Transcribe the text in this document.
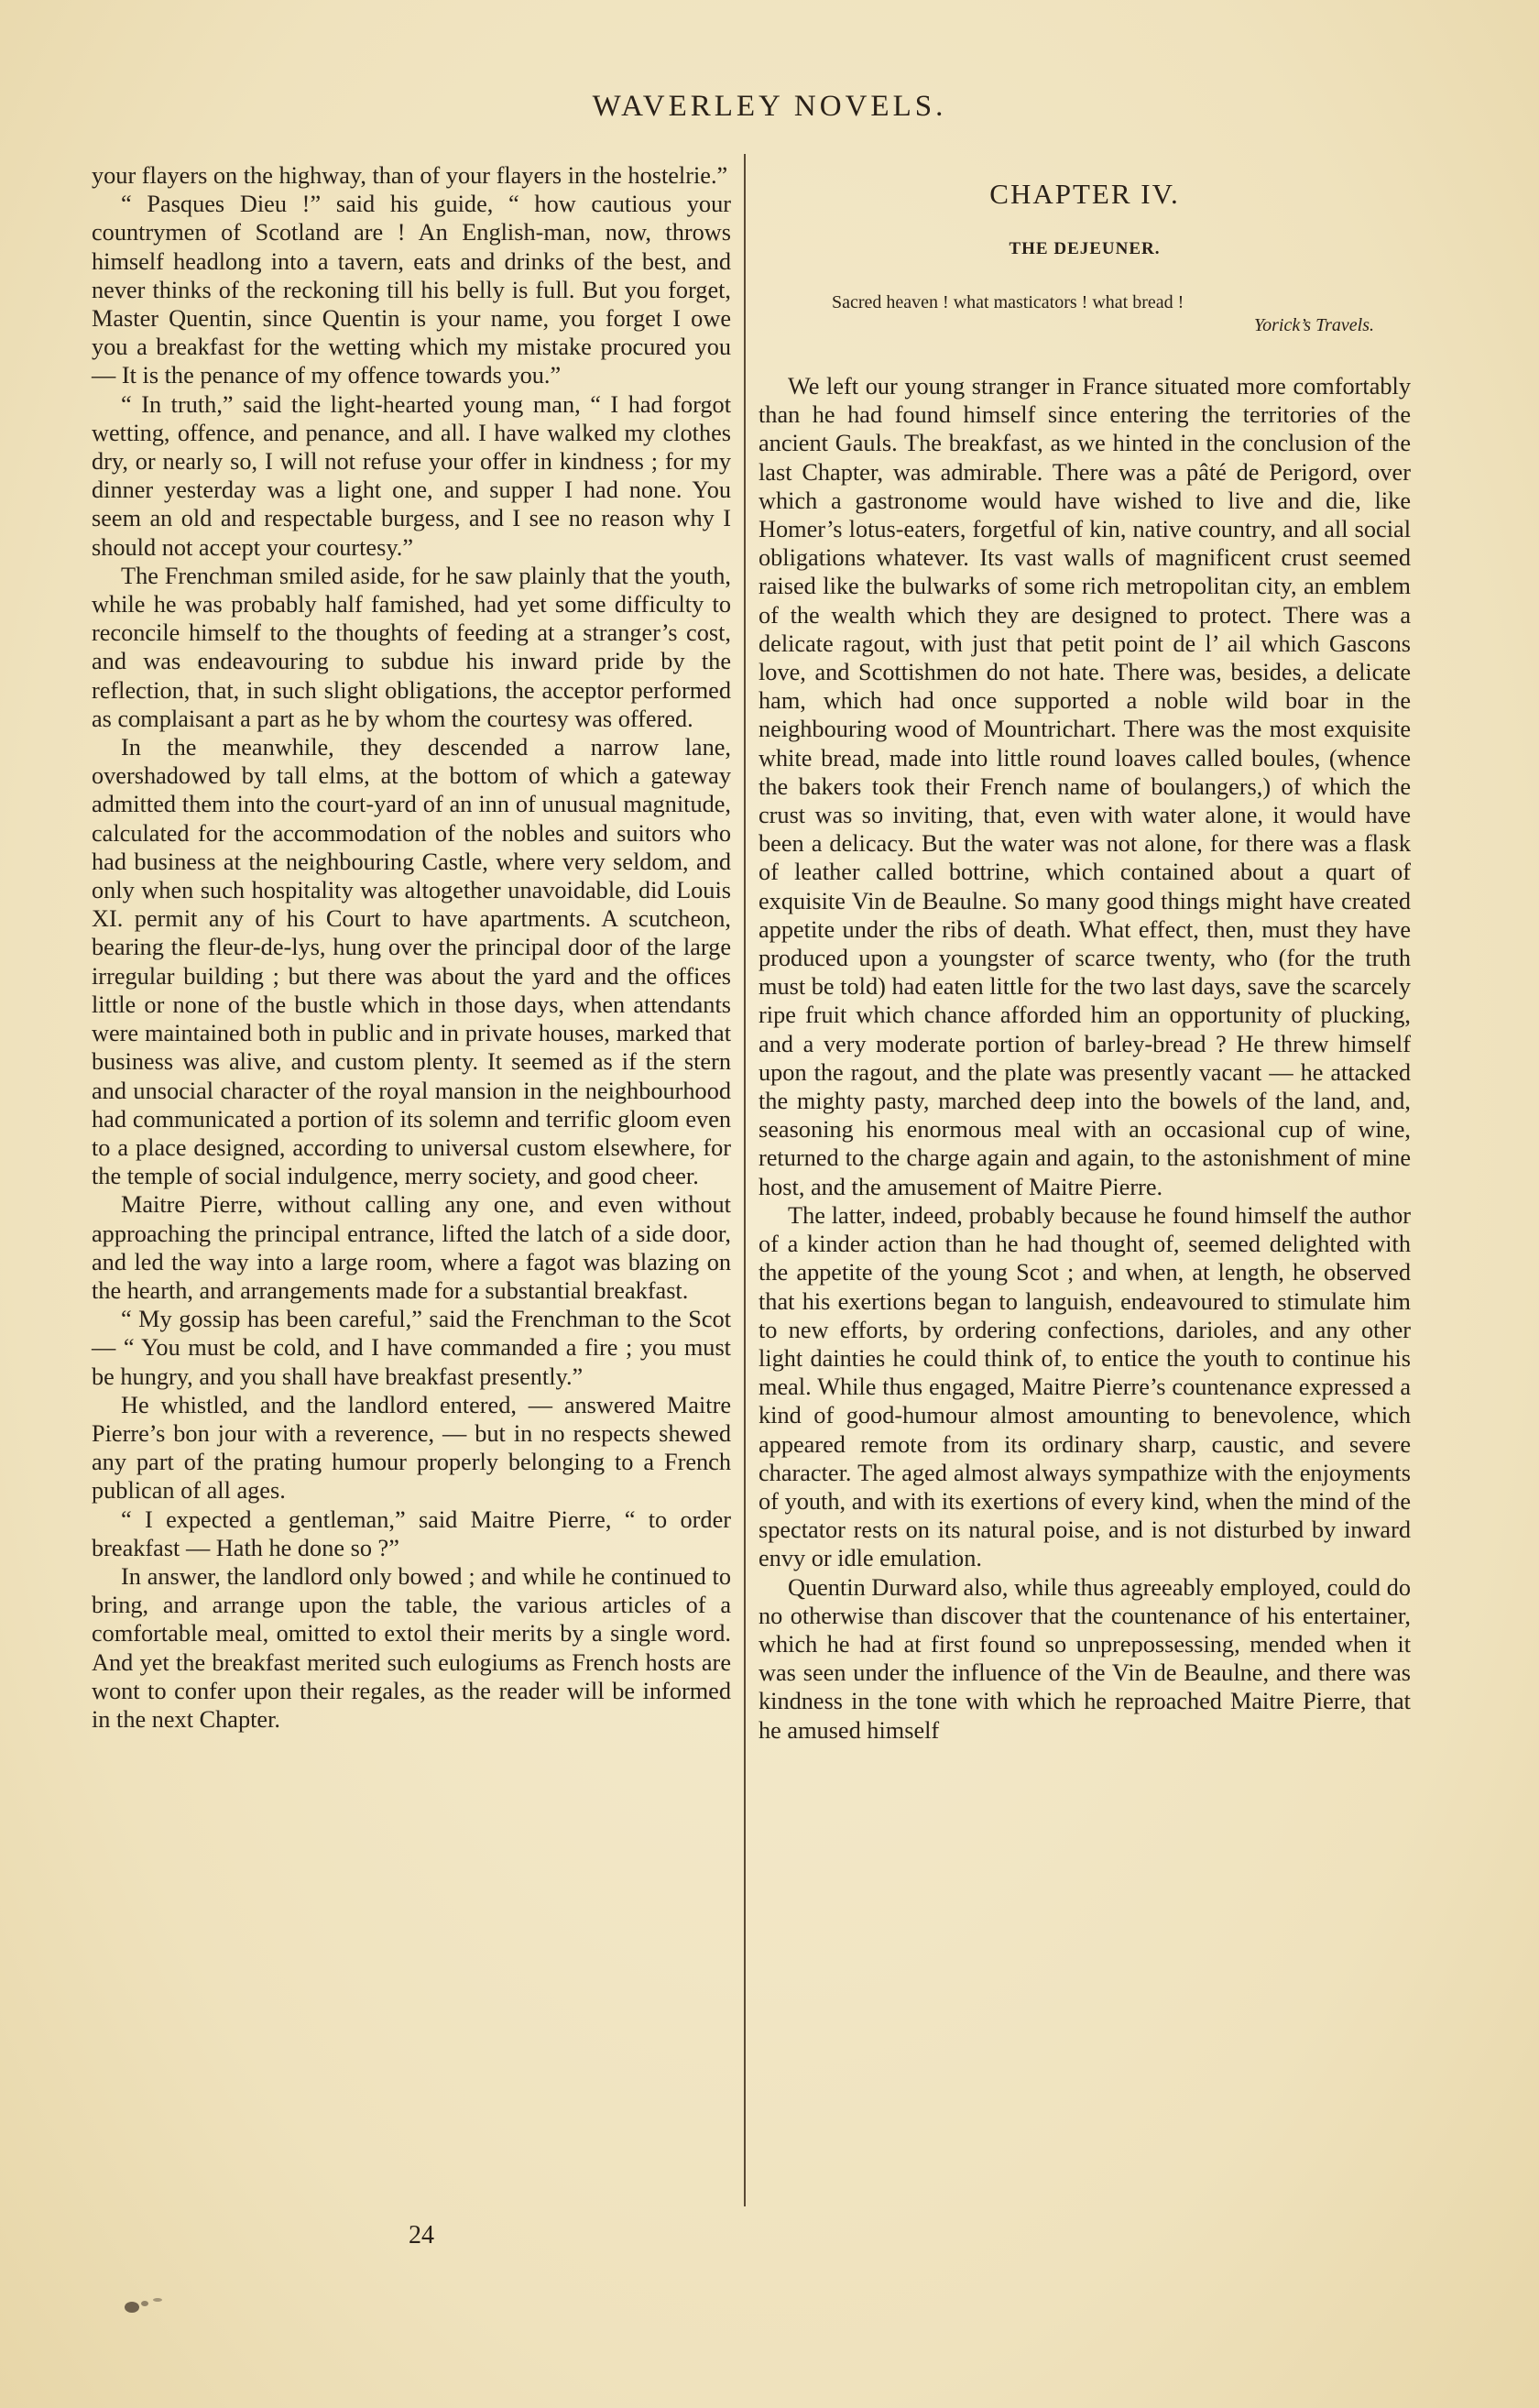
WAVERLEY NOVELS.

your flayers on the highway, than of your flayers in the hostelrie.”

“ Pasques Dieu !” said his guide, “ how cautious your countrymen of Scotland are ! An English-man, now, throws himself headlong into a tavern, eats and drinks of the best, and never thinks of the reckoning till his belly is full. But you forget, Master Quentin, since Quentin is your name, you forget I owe you a breakfast for the wetting which my mistake procured you — It is the penance of my offence towards you.”

“ In truth,” said the light-hearted young man, “ I had forgot wetting, offence, and penance, and all. I have walked my clothes dry, or nearly so, I will not refuse your offer in kindness ; for my dinner yesterday was a light one, and supper I had none. You seem an old and respectable burgess, and I see no reason why I should not accept your courtesy.”

The Frenchman smiled aside, for he saw plainly that the youth, while he was probably half famished, had yet some difficulty to reconcile himself to the thoughts of feeding at a stranger’s cost, and was endeavouring to subdue his inward pride by the reflection, that, in such slight obligations, the acceptor performed as complaisant a part as he by whom the courtesy was offered.

In the meanwhile, they descended a narrow lane, overshadowed by tall elms, at the bottom of which a gateway admitted them into the court-yard of an inn of unusual magnitude, calculated for the accommodation of the nobles and suitors who had business at the neighbouring Castle, where very seldom, and only when such hospitality was altogether unavoidable, did Louis XI. permit any of his Court to have apartments. A scutcheon, bearing the fleur-de-lys, hung over the principal door of the large irregular building ; but there was about the yard and the offices little or none of the bustle which in those days, when attendants were maintained both in public and in private houses, marked that business was alive, and custom plenty. It seemed as if the stern and unsocial character of the royal mansion in the neighbourhood had communicated a portion of its solemn and terrific gloom even to a place designed, according to universal custom elsewhere, for the temple of social indulgence, merry society, and good cheer.

Maitre Pierre, without calling any one, and even without approaching the principal entrance, lifted the latch of a side door, and led the way into a large room, where a fagot was blazing on the hearth, and arrangements made for a substantial breakfast.

“ My gossip has been careful,” said the Frenchman to the Scot — “ You must be cold, and I have commanded a fire ; you must be hungry, and you shall have breakfast presently.”

He whistled, and the landlord entered, — answered Maitre Pierre’s bon jour with a reverence, — but in no respects shewed any part of the prating humour properly belonging to a French publican of all ages.

“ I expected a gentleman,” said Maitre Pierre, “ to order breakfast — Hath he done so ?”

In answer, the landlord only bowed ; and while he continued to bring, and arrange upon the table, the various articles of a comfortable meal, omitted to extol their merits by a single word. And yet the breakfast merited such eulogiums as French hosts are wont to confer upon their regales, as the reader will be informed in the next Chapter.

CHAPTER IV.
THE DEJEUNER.
Sacred heaven ! what masticators ! what bread !
Yorick’s Travels.

We left our young stranger in France situated more comfortably than he had found himself since entering the territories of the ancient Gauls. The breakfast, as we hinted in the conclusion of the last Chapter, was admirable. There was a pâté de Perigord, over which a gastronome would have wished to live and die, like Homer’s lotus-eaters, forgetful of kin, native country, and all social obligations whatever. Its vast walls of magnificent crust seemed raised like the bulwarks of some rich metropolitan city, an emblem of the wealth which they are designed to protect. There was a delicate ragout, with just that petit point de l’ ail which Gascons love, and Scottishmen do not hate. There was, besides, a delicate ham, which had once supported a noble wild boar in the neighbouring wood of Mountrichart. There was the most exquisite white bread, made into little round loaves called boules, (whence the bakers took their French name of boulangers,) of which the crust was so inviting, that, even with water alone, it would have been a delicacy. But the water was not alone, for there was a flask of leather called bottrine, which contained about a quart of exquisite Vin de Beaulne. So many good things might have created appetite under the ribs of death. What effect, then, must they have produced upon a youngster of scarce twenty, who (for the truth must be told) had eaten little for the two last days, save the scarcely ripe fruit which chance afforded him an opportunity of plucking, and a very moderate portion of barley-bread ? He threw himself upon the ragout, and the plate was presently vacant — he attacked the mighty pasty, marched deep into the bowels of the land, and, seasoning his enormous meal with an occasional cup of wine, returned to the charge again and again, to the astonishment of mine host, and the amusement of Maitre Pierre.

The latter, indeed, probably because he found himself the author of a kinder action than he had thought of, seemed delighted with the appetite of the young Scot ; and when, at length, he observed that his exertions began to languish, endeavoured to stimulate him to new efforts, by ordering confections, darioles, and any other light dainties he could think of, to entice the youth to continue his meal. While thus engaged, Maitre Pierre’s countenance expressed a kind of good-humour almost amounting to benevolence, which appeared remote from its ordinary sharp, caustic, and severe character. The aged almost always sympathize with the enjoyments of youth, and with its exertions of every kind, when the mind of the spectator rests on its natural poise, and is not disturbed by inward envy or idle emulation.

Quentin Durward also, while thus agreeably employed, could do no otherwise than discover that the countenance of his entertainer, which he had at first found so unprepossessing, mended when it was seen under the influence of the Vin de Beaulne, and there was kindness in the tone with which he reproached Maitre Pierre, that he amused himself

24
